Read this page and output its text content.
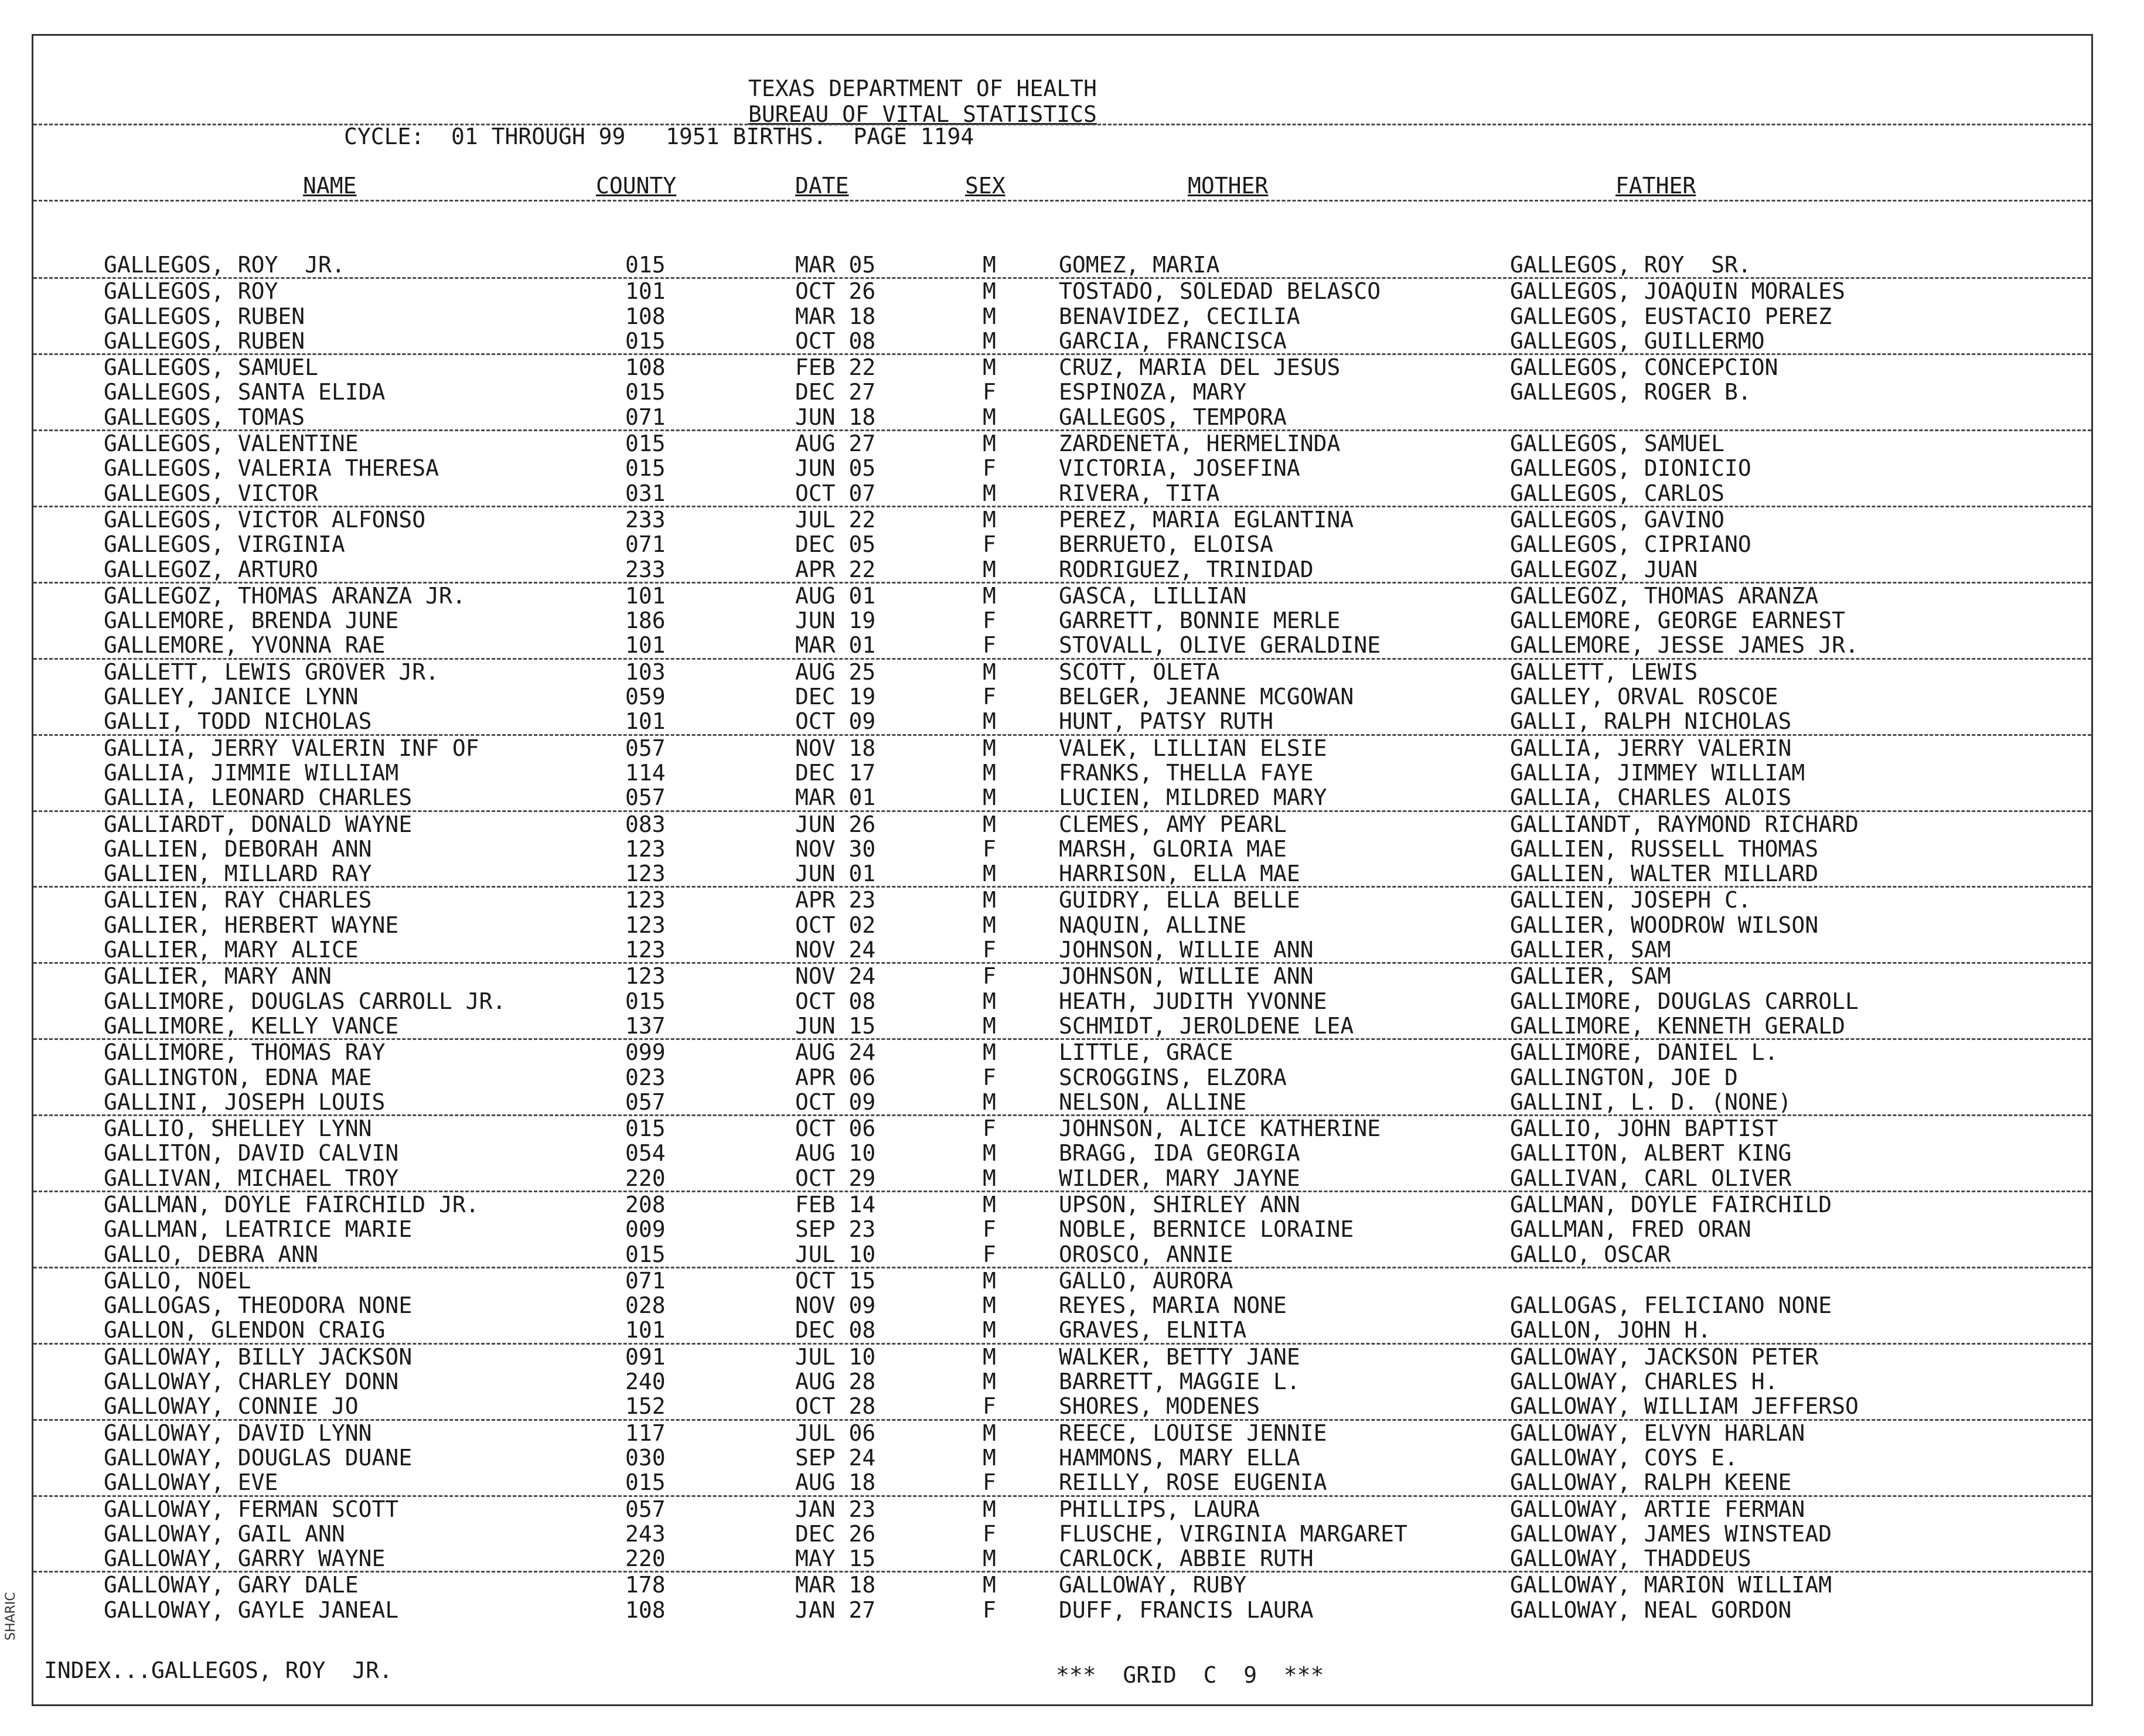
TEXAS DEPARTMENT OF HEALTH
BUREAU OF VITAL STATISTICS
CYCLE:  01 THROUGH 99   1951 BIRTHS.  PAGE 1194
NAME	COUNTY	DATE	SEX	MOTHER	FATHER
GALLEGOS, ROY  JR.	015	MAR 05	M	GOMEZ, MARIA	GALLEGOS, ROY  SR.
GALLEGOS, ROY	101	OCT 26	M	TOSTADO, SOLEDAD BELASCO	GALLEGOS, JOAQUIN MORALES
GALLEGOS, RUBEN	108	MAR 18	M	BENAVIDEZ, CECILIA	GALLEGOS, EUSTACIO PEREZ
GALLEGOS, RUBEN	015	OCT 08	M	GARCIA, FRANCISCA	GALLEGOS, GUILLERMO
GALLEGOS, SAMUEL	108	FEB 22	M	CRUZ, MARIA DEL JESUS	GALLEGOS, CONCEPCION
GALLEGOS, SANTA ELIDA	015	DEC 27	F	ESPINOZA, MARY	GALLEGOS, ROGER B.
GALLEGOS, TOMAS	071	JUN 18	M	GALLEGOS, TEMPORA
GALLEGOS, VALENTINE	015	AUG 27	M	ZARDENETA, HERMELINDA	GALLEGOS, SAMUEL
GALLEGOS, VALERIA THERESA	015	JUN 05	F	VICTORIA, JOSEFINA	GALLEGOS, DIONICIO
GALLEGOS, VICTOR	031	OCT 07	M	RIVERA, TITA	GALLEGOS, CARLOS
GALLEGOS, VICTOR ALFONSO	233	JUL 22	M	PEREZ, MARIA EGLANTINA	GALLEGOS, GAVINO
GALLEGOS, VIRGINIA	071	DEC 05	F	BERRUETO, ELOISA	GALLEGOS, CIPRIANO
GALLEGOZ, ARTURO	233	APR 22	M	RODRIGUEZ, TRINIDAD	GALLEGOZ, JUAN
GALLEGOZ, THOMAS ARANZA JR.	101	AUG 01	M	GASCA, LILLIAN	GALLEGOZ, THOMAS ARANZA
GALLEMORE, BRENDA JUNE	186	JUN 19	F	GARRETT, BONNIE MERLE	GALLEMORE, GEORGE EARNEST
GALLEMORE, YVONNA RAE	101	MAR 01	F	STOVALL, OLIVE GERALDINE	GALLEMORE, JESSE JAMES JR.
GALLETT, LEWIS GROVER JR.	103	AUG 25	M	SCOTT, OLETA	GALLETT, LEWIS
GALLEY, JANICE LYNN	059	DEC 19	F	BELGER, JEANNE MCGOWAN	GALLEY, ORVAL ROSCOE
GALLI, TODD NICHOLAS	101	OCT 09	M	HUNT, PATSY RUTH	GALLI, RALPH NICHOLAS
GALLIA, JERRY VALERIN INF OF	057	NOV 18	M	VALEK, LILLIAN ELSIE	GALLIA, JERRY VALERIN
GALLIA, JIMMIE WILLIAM	114	DEC 17	M	FRANKS, THELLA FAYE	GALLIA, JIMMEY WILLIAM
GALLIA, LEONARD CHARLES	057	MAR 01	M	LUCIEN, MILDRED MARY	GALLIA, CHARLES ALOIS
GALLIARDT, DONALD WAYNE	083	JUN 26	M	CLEMES, AMY PEARL	GALLIANDT, RAYMOND RICHARD
GALLIEN, DEBORAH ANN	123	NOV 30	F	MARSH, GLORIA MAE	GALLIEN, RUSSELL THOMAS
GALLIEN, MILLARD RAY	123	JUN 01	M	HARRISON, ELLA MAE	GALLIEN, WALTER MILLARD
GALLIEN, RAY CHARLES	123	APR 23	M	GUIDRY, ELLA BELLE	GALLIEN, JOSEPH C.
GALLIER, HERBERT WAYNE	123	OCT 02	M	NAQUIN, ALLINE	GALLIER, WOODROW WILSON
GALLIER, MARY ALICE	123	NOV 24	F	JOHNSON, WILLIE ANN	GALLIER, SAM
GALLIER, MARY ANN	123	NOV 24	F	JOHNSON, WILLIE ANN	GALLIER, SAM
GALLIMORE, DOUGLAS CARROLL JR.	015	OCT 08	M	HEATH, JUDITH YVONNE	GALLIMORE, DOUGLAS CARROLL
GALLIMORE, KELLY VANCE	137	JUN 15	M	SCHMIDT, JEROLDENE LEA	GALLIMORE, KENNETH GERALD
GALLIMORE, THOMAS RAY	099	AUG 24	M	LITTLE, GRACE	GALLIMORE, DANIEL L.
GALLINGTON, EDNA MAE	023	APR 06	F	SCROGGINS, ELZORA	GALLINGTON, JOE D
GALLINI, JOSEPH LOUIS	057	OCT 09	M	NELSON, ALLINE	GALLINI, L. D. (NONE)
GALLIO, SHELLEY LYNN	015	OCT 06	F	JOHNSON, ALICE KATHERINE	GALLIO, JOHN BAPTIST
GALLITON, DAVID CALVIN	054	AUG 10	M	BRAGG, IDA GEORGIA	GALLITON, ALBERT KING
GALLIVAN, MICHAEL TROY	220	OCT 29	M	WILDER, MARY JAYNE	GALLIVAN, CARL OLIVER
GALLMAN, DOYLE FAIRCHILD JR.	208	FEB 14	M	UPSON, SHIRLEY ANN	GALLMAN, DOYLE FAIRCHILD
GALLMAN, LEATRICE MARIE	009	SEP 23	F	NOBLE, BERNICE LORAINE	GALLMAN, FRED ORAN
GALLO, DEBRA ANN	015	JUL 10	F	OROSCO, ANNIE	GALLO, OSCAR
GALLO, NOEL	071	OCT 15	M	GALLO, AURORA
GALLOGAS, THEODORA NONE	028	NOV 09	M	REYES, MARIA NONE	GALLOGAS, FELICIANO NONE
GALLON, GLENDON CRAIG	101	DEC 08	M	GRAVES, ELNITA	GALLON, JOHN H.
GALLOWAY, BILLY JACKSON	091	JUL 10	M	WALKER, BETTY JANE	GALLOWAY, JACKSON PETER
GALLOWAY, CHARLEY DONN	240	AUG 28	M	BARRETT, MAGGIE L.	GALLOWAY, CHARLES H.
GALLOWAY, CONNIE JO	152	OCT 28	F	SHORES, MODENES	GALLOWAY, WILLIAM JEFFERSO
GALLOWAY, DAVID LYNN	117	JUL 06	M	REECE, LOUISE JENNIE	GALLOWAY, ELVYN HARLAN
GALLOWAY, DOUGLAS DUANE	030	SEP 24	M	HAMMONS, MARY ELLA	GALLOWAY, COYS E.
GALLOWAY, EVE	015	AUG 18	F	REILLY, ROSE EUGENIA	GALLOWAY, RALPH KEENE
GALLOWAY, FERMAN SCOTT	057	JAN 23	M	PHILLIPS, LAURA	GALLOWAY, ARTIE FERMAN
GALLOWAY, GAIL ANN	243	DEC 26	F	FLUSCHE, VIRGINIA MARGARET	GALLOWAY, JAMES WINSTEAD
GALLOWAY, GARRY WAYNE	220	MAY 15	M	CARLOCK, ABBIE RUTH	GALLOWAY, THADDEUS
GALLOWAY, GARY DALE	178	MAR 18	M	GALLOWAY, RUBY	GALLOWAY, MARION WILLIAM
GALLOWAY, GAYLE JANEAL	108	JAN 27	F	DUFF, FRANCIS LAURA	GALLOWAY, NEAL GORDON
INDEX...GALLEGOS, ROY  JR.	***  GRID  C  9  ***
SHARIC
